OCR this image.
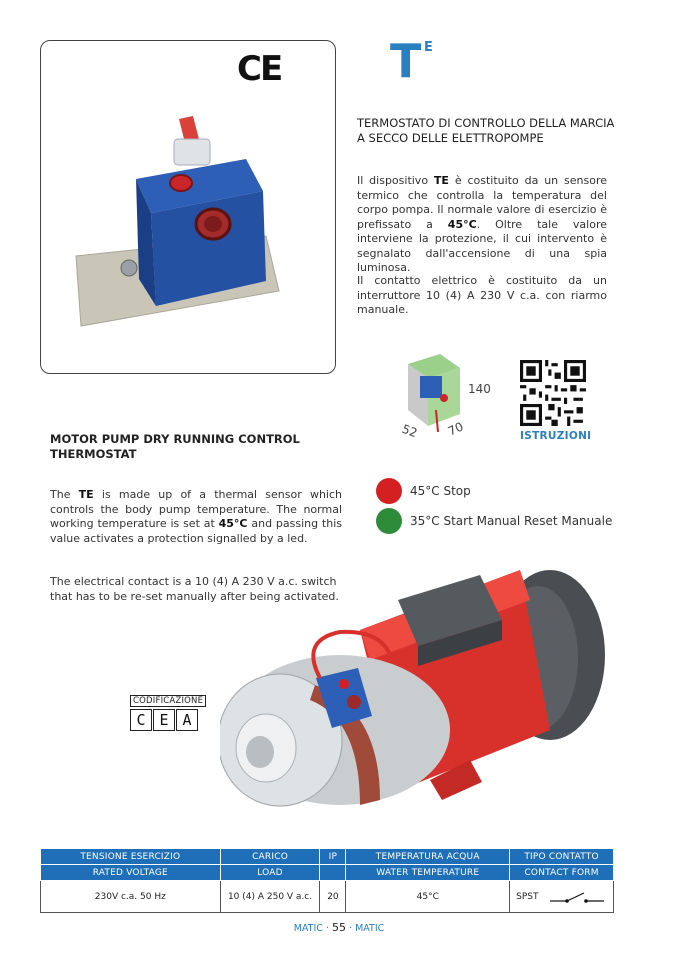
CE T E
TERMOSTATO DI CONTROLLO DELLA MARCIA A SECCO DELLE ELETTROPOMPE
Il dispositivo TE è costituito da un sensore termico che controlla la temperatura del corpo pompa. Il normale valore di esercizio è prefissato a 45°C. Oltre tale valore interviene la protezione, il cui intervento è segnalato dall'accensione di una spia luminosa.
Il contatto elettrico è costituito da un interruttore 10 (4) A 230 V c.a. con riarmo manuale.
140
52 70	ISTRUZIONI
MOTOR PUMP DRY RUNNING CONTROL THERMOSTAT
The TE is made up of a thermal sensor which controls the body pump temperature. The normal working temperature is set at 45°C and passing this value activates a protection signalled by a led.
The electrical contact is a 10 (4) A 230 V a.c. switch that has to be re-set manually after being activated.
45°C Stop
35°C Start Manual Reset Manuale
CODIFICAZIONE
C E A
TENSIONE ESERCIZIO	CARICO	IP	TEMPERATURA ACQUA	TIPO CONTATTO
RATED VOLTAGE	LOAD		WATER TEMPERATURE	CONTACT FORM
230V c.a. 50 Hz	10 (4) A 250 V a.c.	20	45°C	SPST
MATIC · 55 · MATIC
